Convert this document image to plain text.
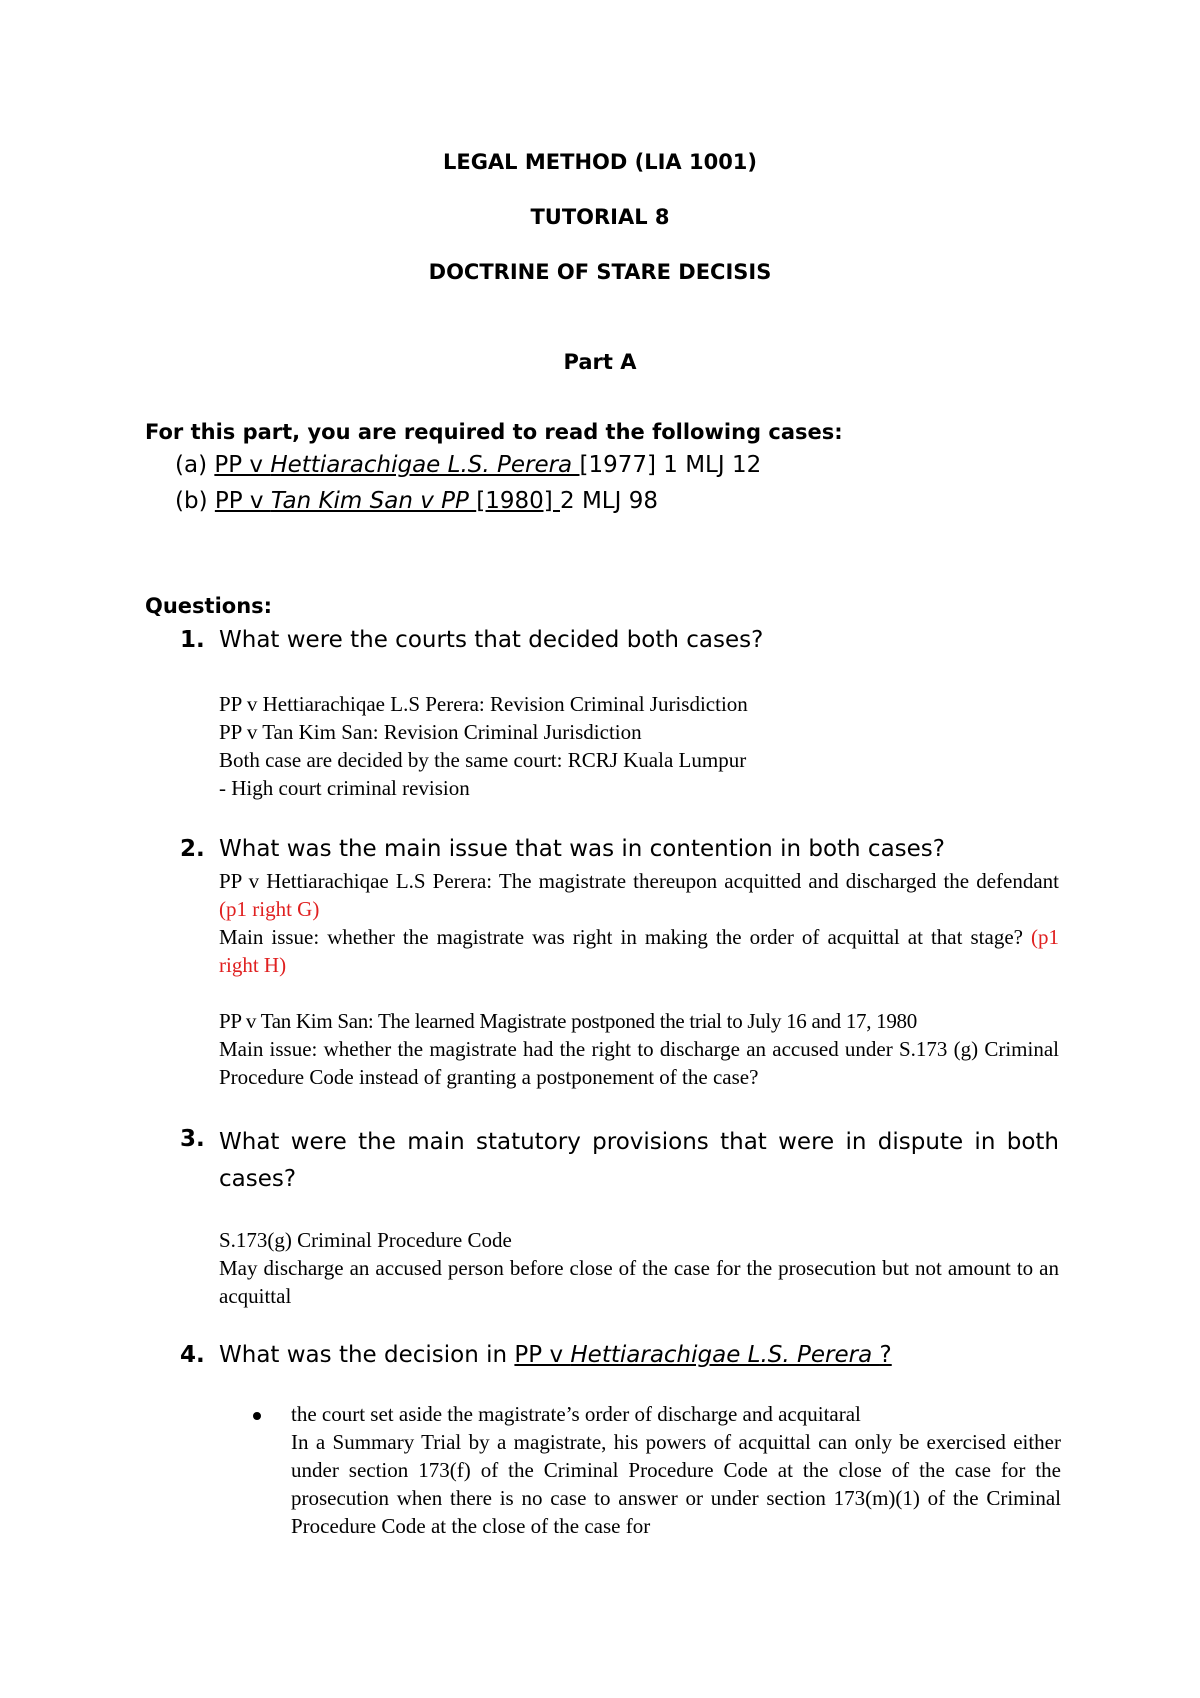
LEGAL METHOD (LIA 1001)
TUTORIAL 8
DOCTRINE OF STARE DECISIS
Part A
For this part, you are required to read the following cases:
(a) PP v Hettiarachigae L.S. Perera [1977] 1 MLJ 12
(b) PP v Tan Kim San v PP [1980] 2 MLJ 98
Questions:
1. What were the courts that decided both cases?
PP v Hettiarachiqae L.S Perera: Revision Criminal Jurisdiction
PP v Tan Kim San: Revision Criminal Jurisdiction
Both case are decided by the same court: RCRJ Kuala Lumpur
- High court criminal revision
2. What was the main issue that was in contention in both cases?
PP v Hettiarachiqae L.S Perera: The magistrate thereupon acquitted and discharged the defendant (p1 right G)
Main issue: whether the magistrate was right in making the order of acquittal at that stage? (p1 right H)
PP v Tan Kim San: The learned Magistrate postponed the trial to July 16 and 17, 1980
Main issue: whether the magistrate had the right to discharge an accused under S.173 (g) Criminal Procedure Code instead of granting a postponement of the case?
3. What were the main statutory provisions that were in dispute in both cases?
S.173(g) Criminal Procedure Code
May discharge an accused person before close of the case for the prosecution but not amount to an acquittal
4. What was the decision in PP v Hettiarachigae L.S. Perera ?
the court set aside the magistrate’s order of discharge and acquitaral
In a Summary Trial by a magistrate, his powers of acquittal can only be exercised either under section 173(f) of the Criminal Procedure Code at the close of the case for the prosecution when there is no case to answer or under section 173(m)(1) of the Criminal Procedure Code at the close of the case for
